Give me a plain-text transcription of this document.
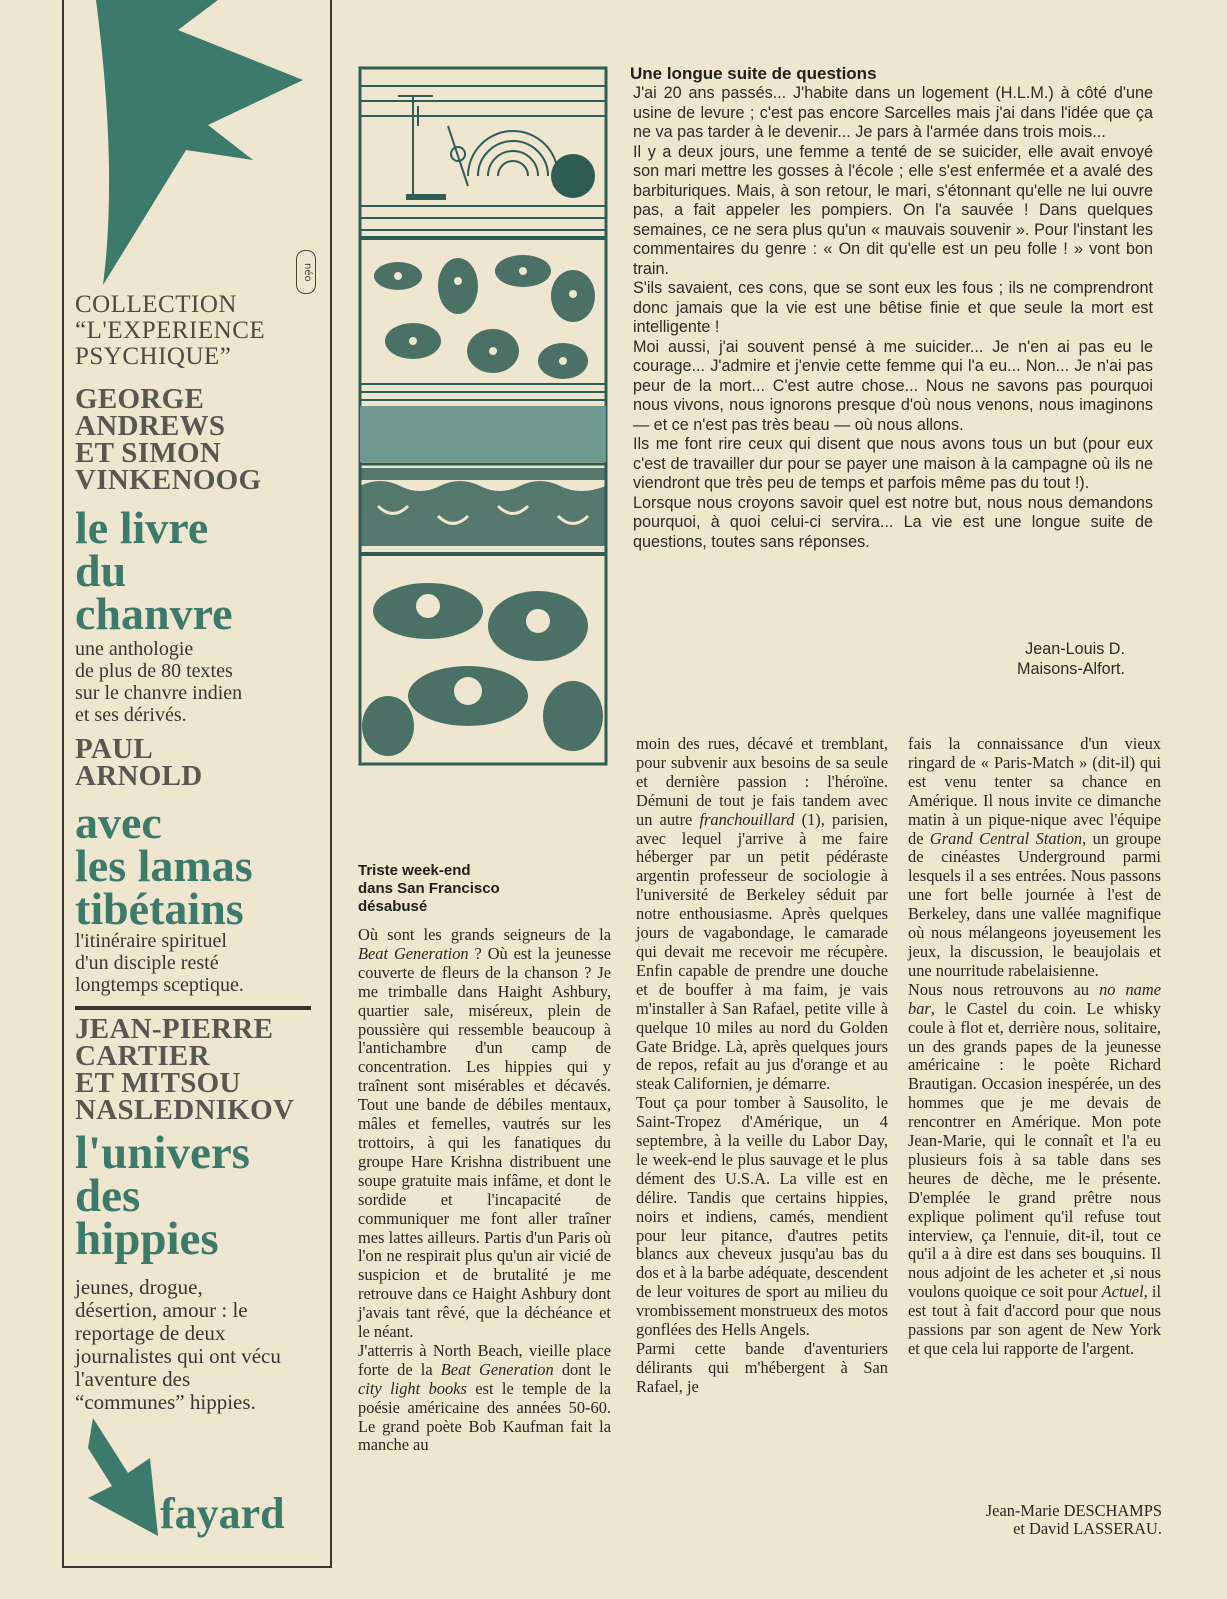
néo
COLLECTION
“L'EXPERIENCE
PSYCHIQUE”
GEORGE
ANDREWS
ET SIMON
VINKENOOG
le livre
du
chanvre
une anthologie
de plus de 80 textes
sur le chanvre indien
et ses dérivés.
PAUL
ARNOLD
avec
les lamas
tibétains
l'itinéraire spirituel
d'un disciple resté
longtemps sceptique.
JEAN-PIERRE
CARTIER
ET MITSOU
NASLEDNIKOV
l'univers
des
hippies
jeunes, drogue,
désertion, amour : le
reportage de deux
journalistes qui ont vécu
l'aventure des
“communes” hippies.
fayard
Une longue suite de questions

J'ai 20 ans passés... J'habite dans un logement (H.L.M.) à côté d'une usine de levure ; c'est pas encore Sarcelles mais j'ai dans l'idée que ça ne va pas tarder à le devenir... Je pars à l'armée dans trois mois...

Il y a deux jours, une femme a tenté de se suicider, elle avait envoyé son mari mettre les gosses à l'école ; elle s'est enfermée et a avalé des barbituriques. Mais, à son retour, le mari, s'étonnant qu'elle ne lui ouvre pas, a fait appeler les pompiers. On l'a sauvée ! Dans quelques semaines, ce ne sera plus qu'un « mauvais souvenir ». Pour l'instant les commentaires du genre : « On dit qu'elle est un peu folle ! » vont bon train.

S'ils savaient, ces cons, que se sont eux les fous ; ils ne comprendront donc jamais que la vie est une bêtise finie et que seule la mort est intelligente !

Moi aussi, j'ai souvent pensé à me suicider... Je n'en ai pas eu le courage... J'admire et j'envie cette femme qui l'a eu... Non... Je n'ai pas peur de la mort... C'est autre chose... Nous ne savons pas pourquoi nous vivons, nous ignorons presque d'où nous venons, nous imaginons — et ce n'est pas très beau — où nous allons.

Ils me font rire ceux qui disent que nous avons tous un but (pour eux c'est de travailler dur pour se payer une maison à la campagne où ils ne viendront que très peu de temps et parfois même pas du tout !).

Lorsque nous croyons savoir quel est notre but, nous nous demandons pourquoi, à quoi celui-ci servira... La vie est une longue suite de questions, toutes sans réponses.

Jean-Louis D.
Maisons-Alfort.
Triste week-end
dans San Francisco
désabusé

Où sont les grands seigneurs de la Beat Generation ? Où est la jeunesse couverte de fleurs de la chanson ? Je me trimballe dans Haight Ashbury, quartier sale, miséreux, plein de poussière qui ressemble beaucoup à l'antichambre d'un camp de concentration. Les hippies qui y traînent sont misérables et décavés. Tout une bande de débiles mentaux, mâles et femelles, vautrés sur les trottoirs, à qui les fanatiques du groupe Hare Krishna distribuent une soupe gratuite mais infâme, et dont le sordide et l'incapacité de communiquer me font aller traîner mes lattes ailleurs. Partis d'un Paris où l'on ne respirait plus qu'un air vicié de suspicion et de brutalité je me retrouve dans ce Haight Ashbury dont j'avais tant rêvé, que la déchéance et le néant.

J'atterris à North Beach, vieille place forte de la Beat Generation dont le city light books est le temple de la poésie américaine des années 50-60. Le grand poète Bob Kaufman fait la manche au

moin des rues, décavé et tremblant, pour subvenir aux besoins de sa seule et dernière passion : l'héroïne. Démuni de tout je fais tandem avec un autre franchouillard (1), parisien, avec lequel j'arrive à me faire héberger par un petit pédéraste argentin professeur de sociologie à l'université de Berkeley séduit par notre enthousiasme. Après quelques jours de vagabondage, le camarade qui devait me recevoir me récupère. Enfin capable de prendre une douche et de bouffer à ma faim, je vais m'installer à San Rafael, petite ville à quelque 10 miles au nord du Golden Gate Bridge. Là, après quelques jours de repos, refait au jus d'orange et au steak Californien, je démarre.

Tout ça pour tomber à Sausolito, le Saint-Tropez d'Amérique, un 4 septembre, à la veille du Labor Day, le week-end le plus sauvage et le plus dément des U.S.A. La ville est en délire. Tandis que certains hippies, noirs et indiens, camés, mendient pour leur pitance, d'autres petits blancs aux cheveux jusqu'au bas du dos et à la barbe adéquate, descendent de leur voitures de sport au milieu du vrombissement monstrueux des motos gonflées des Hells Angels.

Parmi cette bande d'aventuriers délirants qui m'hébergent à San Rafael, je

fais la connaissance d'un vieux ringard de « Paris-Match » (dit-il) qui est venu tenter sa chance en Amérique. Il nous invite ce dimanche matin à un pique-nique avec l'équipe de Grand Central Station, un groupe de cinéastes Underground parmi lesquels il a ses entrées. Nous passons une fort belle journée à l'est de Berkeley, dans une vallée magnifique où nous mélangeons joyeusement les jeux, la discussion, le beaujolais et une nourritude rabelaisienne.

Nous nous retrouvons au no name bar, le Castel du coin. Le whisky coule à flot et, derrière nous, solitaire, un des grands papes de la jeunesse américaine : le poète Richard Brautigan. Occasion inespérée, un des hommes que je me devais de rencontrer en Amérique. Mon pote Jean-Marie, qui le connaît et l'a eu plusieurs fois à sa table dans ses heures de dèche, me le présente. D'emplée le grand prêtre nous explique poliment qu'il refuse tout interview, ça l'ennuie, dit-il, tout ce qu'il a à dire est dans ses bouquins. Il nous adjoint de les acheter et ,si nous voulons quoique ce soit pour Actuel, il est tout à fait d'accord pour que nous passions par son agent de New York et que cela lui rapporte de l'argent.

Jean-Marie DESCHAMPS
et David LASSERAU.
